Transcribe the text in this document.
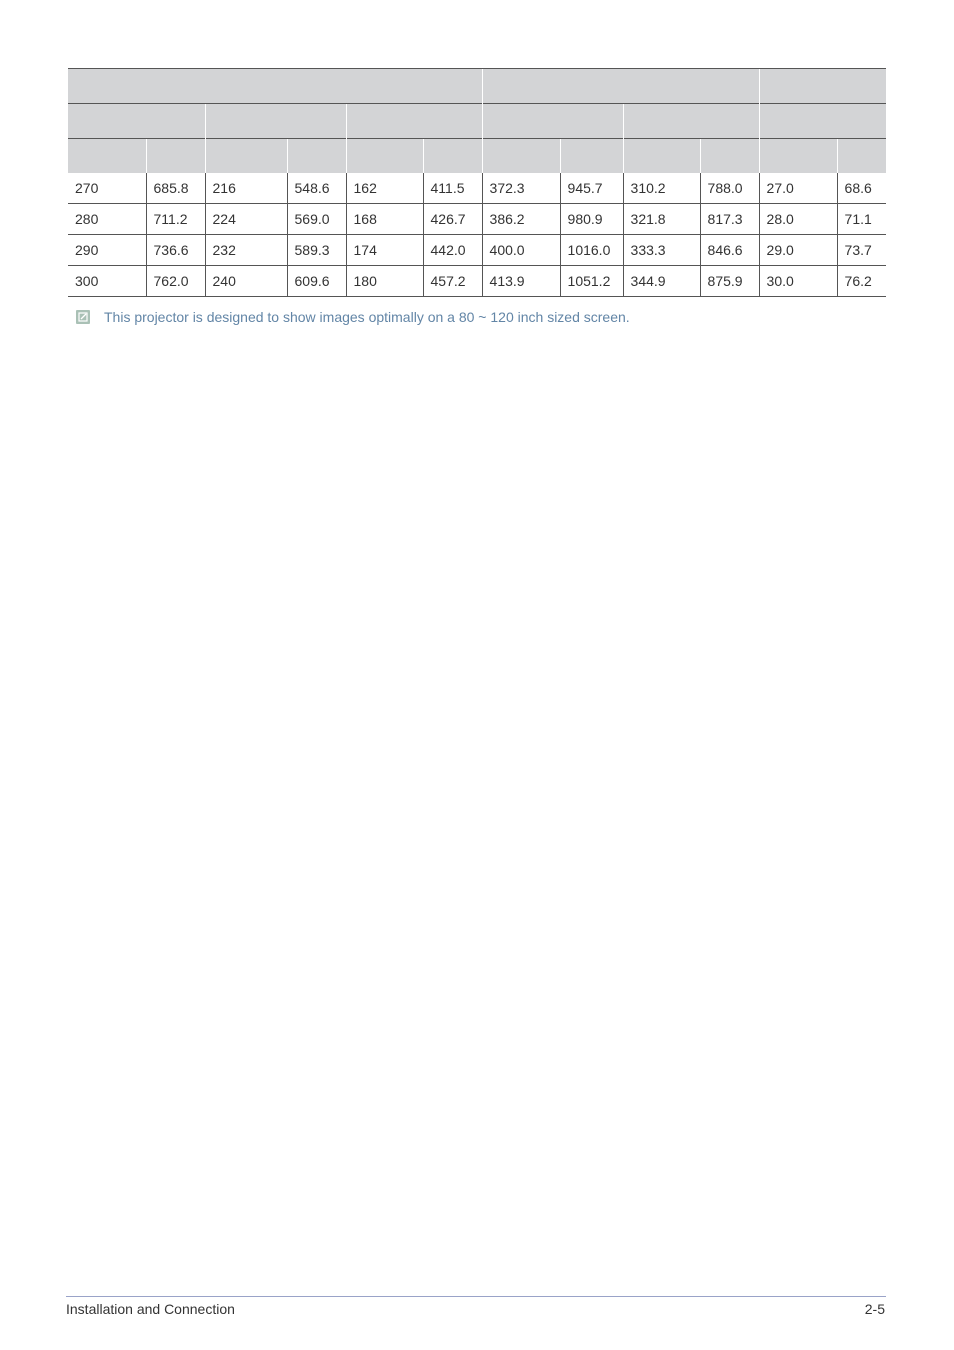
270	685.8	216	548.6	162	411.5	372.3	945.7	310.2	788.0	27.0	68.6
280	711.2	224	569.0	168	426.7	386.2	980.9	321.8	817.3	28.0	71.1
290	736.6	232	589.3	174	442.0	400.0	1016.0	333.3	846.6	29.0	73.7
300	762.0	240	609.6	180	457.2	413.9	1051.2	344.9	875.9	30.0	76.2
This projector is designed to show images optimally on a 80 ~ 120 inch sized screen.
Installation and Connection	2-5
